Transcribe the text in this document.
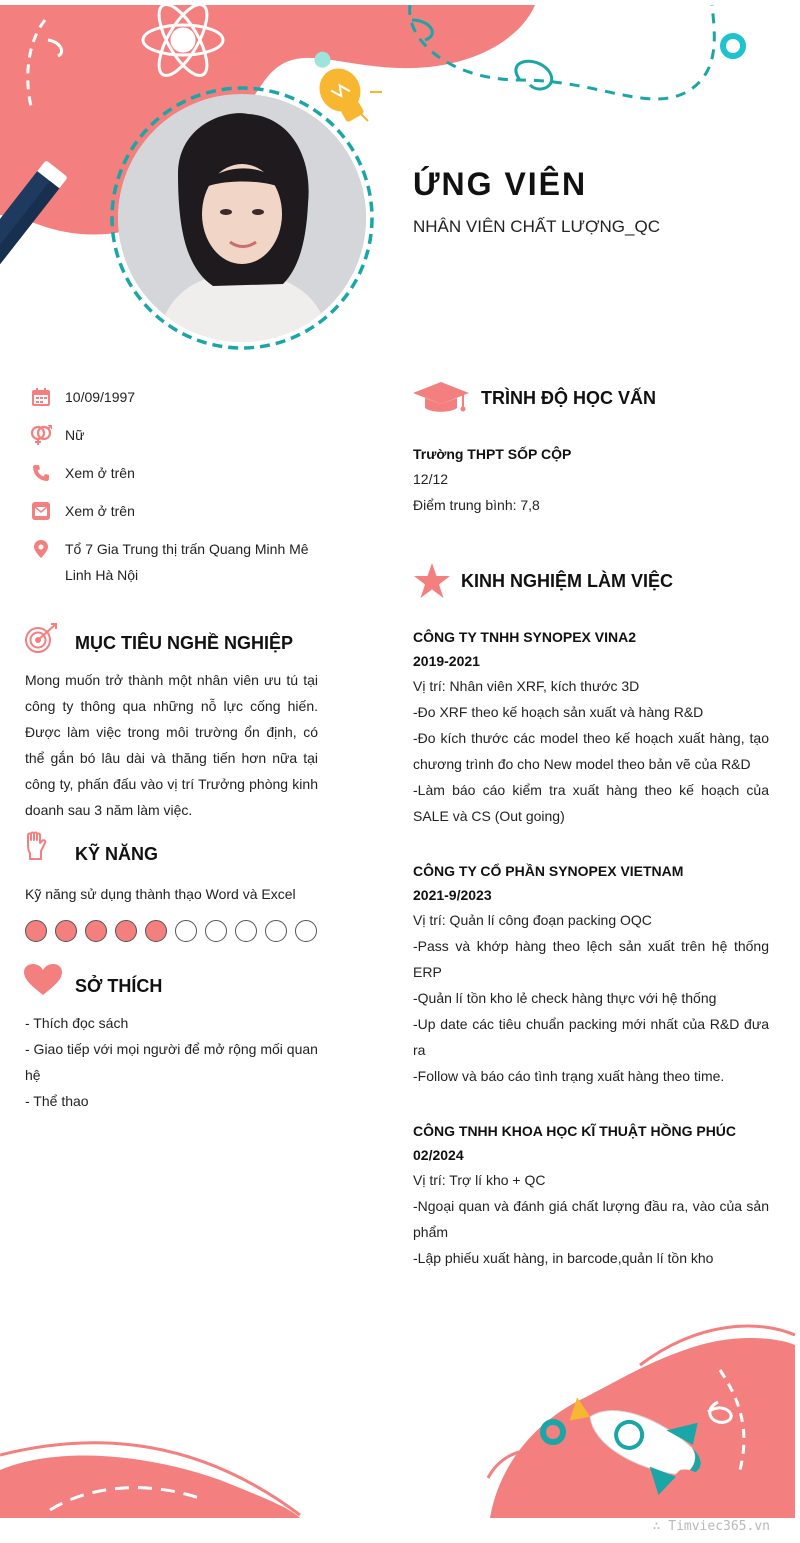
ỨNG VIÊN
NHÂN VIÊN CHẤT LƯỢNG_QC
10/09/1997
Nữ
Xem ở trên
Xem ở trên
Tổ 7 Gia Trung thị trấn Quang Minh Mê Linh Hà Nội
MỤC TIÊU NGHỀ NGHIỆP
Mong muốn trở thành một nhân viên ưu tú tại công ty thông qua những nỗ lực cống hiến. Được làm việc trong môi trường ổn định, có thể gắn bó lâu dài và thăng tiến hơn nữa tại công ty, phấn đấu vào vị trí Trưởng phòng kinh doanh sau 3 năm làm việc.
KỸ NĂNG
Kỹ năng sử dụng thành thạo Word và Excel
SỞ THÍCH
- Thích đọc sách
- Giao tiếp với mọi người để mở rộng mối quan hệ
- Thể thao
TRÌNH ĐỘ HỌC VẤN
Trường THPT SỐP CỘP
12/12
Điểm trung bình: 7,8
KINH NGHIỆM LÀM VIỆC
CÔNG TY TNHH SYNOPEX VINA2
2019-2021
Vị trí: Nhân viên XRF, kích thước 3D
-Đo XRF theo kế hoạch sản xuất và hàng R&D
-Đo kích thước các model theo kế hoạch xuất hàng, tạo chương trình đo cho New model theo bản vẽ của R&D
-Làm báo cáo kiểm tra xuất hàng theo kế hoạch của SALE và CS (Out going)
CÔNG TY CỔ PHẦN SYNOPEX VIETNAM
2021-9/2023
Vị trí: Quản lí công đoạn packing OQC
-Pass và khớp hàng theo lệch sản xuất trên hệ thống ERP
-Quản lí tồn kho lẻ check hàng thực với hệ thống
-Up date các tiêu chuẩn packing mới nhất của R&D đưa ra
-Follow và báo cáo tình trạng xuất hàng theo time.
CÔNG TNHH KHOA HỌC KĨ THUẬT HỒNG PHÚC
02/2024
Vị trí: Trợ lí kho + QC
-Ngoại quan và đánh giá chất lượng đầu ra, vào của sản phẩm
-Lập phiếu xuất hàng, in barcode,quản lí tồn kho
∴ Timviec365.vn
